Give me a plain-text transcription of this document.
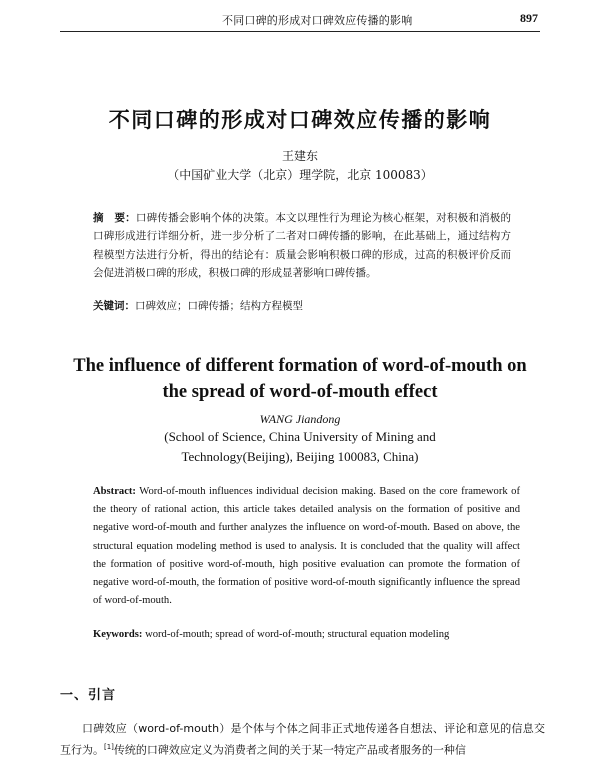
不同口碑的形成对口碑效应传播的影响	897
不同口碑的形成对口碑效应传播的影响
王建东
（中国矿业大学（北京）理学院，北京 100083）
摘　要：口碑传播会影响个体的决策。本文以理性行为理论为核心框架，对积极和消极的口碑形成进行详细分析，进一步分析了二者对口碑传播的影响，在此基础上，通过结构方程模型方法进行分析，得出的结论有：质量会影响积极口碑的形成，过高的积极评价反而会促进消极口碑的形成，积极口碑的形成显著影响口碑传播。
关键词：口碑效应；口碑传播；结构方程模型
The influence of different formation of word-of-mouth on
the spread of word-of-mouth effect
WANG Jiandong
(School of Science, China University of Mining and
Technology(Beijing), Beijing 100083, China)
Abstract: Word-of-mouth influences individual decision making. Based on the core framework of the theory of rational action, this article takes detailed analysis on the formation of positive and negative word-of-mouth and further analyzes the influence on word-of-mouth. Based on above, the structural equation modeling method is used to analysis. It is concluded that the quality will affect the formation of positive word-of-mouth, high positive evaluation can promote the formation of negative word-of-mouth, the formation of positive word-of-mouth significantly influence the spread of word-of-mouth.
Keywords: word-of-mouth; spread of word-of-mouth; structural equation modeling
一、引言
口碑效应（word-of-mouth）是个体与个体之间非正式地传递各自想法、评论和意见的信息交互行为。[1]传统的口碑效应定义为消费者之间的关于某一特定产品或者服务的一种信
